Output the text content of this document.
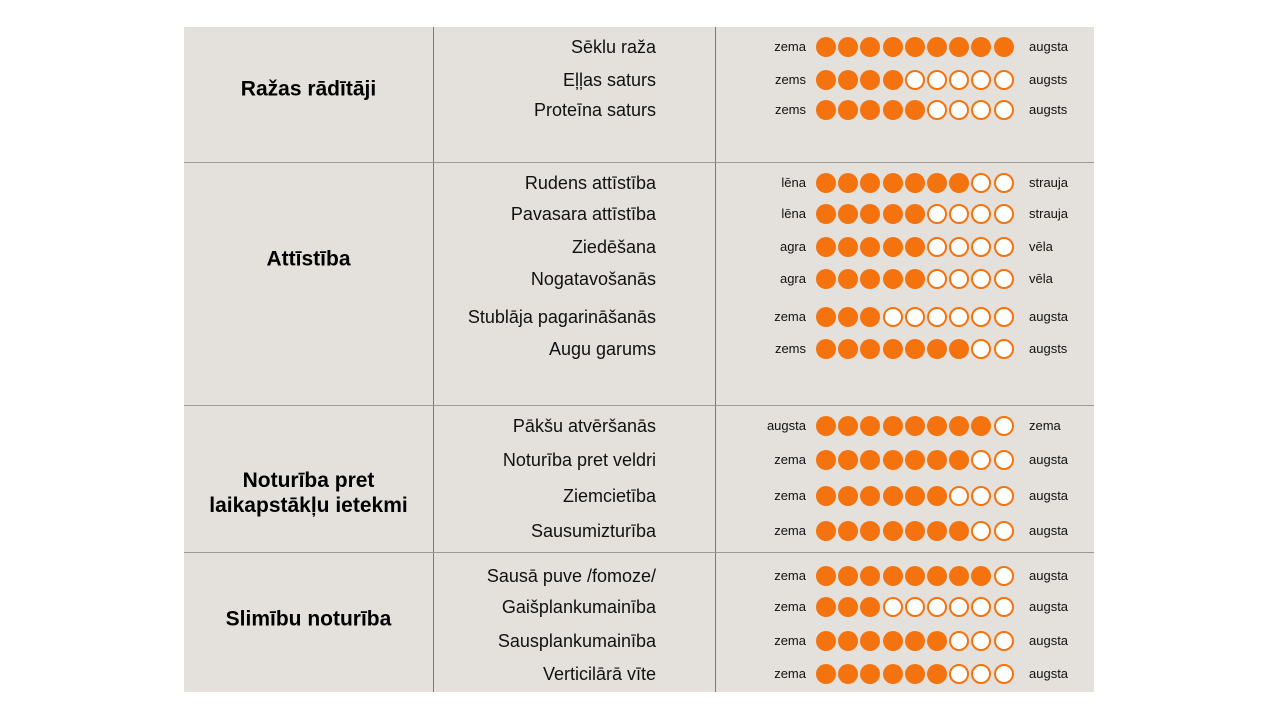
Ražas rādītāji
Sēklu raža	zema	augsta
Eļļas saturs	zems	augsts
Proteīna saturs	zems	augsts
Attīstība
Rudens attīstība	lēna	strauja
Pavasara attīstība	lēna	strauja
Ziedēšana	agra	vēla
Nogatavošanās	agra	vēla
Stublāja pagarināšanās	zema	augsta
Augu garums	zems	augsts
Noturība pret laikapstākļu ietekmi
Pākšu atvēršanās	augsta	zema
Noturība pret veldri	zema	augsta
Ziemcietība	zema	augsta
Sausumizturība	zema	augsta
Slimību noturība
Sausā puve /fomoze/	zema	augsta
Gaišplankumainība	zema	augsta
Sausplankumainība	zema	augsta
Verticilārā vīte	zema	augsta
